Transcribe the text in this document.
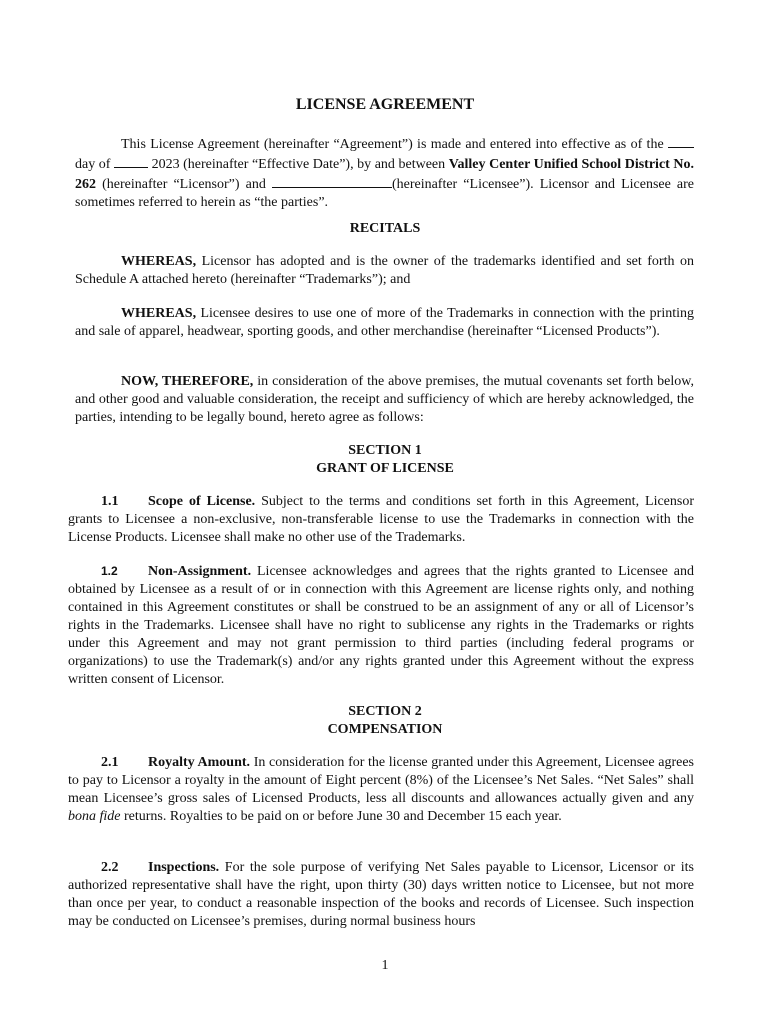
LICENSE AGREEMENT

This License Agreement (hereinafter “Agreement”) is made and entered into effective as of the  day of	2023 (hereinafter “Effective Date”), by and between Valley Center Unified School District No. 262 (hereinafter “Licensor”) and	(hereinafter “Licensee”). Licensor and Licensee are sometimes referred to herein as “the parties”.

RECITALS

WHEREAS, Licensor has adopted and is the owner of the trademarks identified and set forth on Schedule A attached hereto (hereinafter “Trademarks”); and

WHEREAS, Licensee desires to use one of more of the Trademarks in connection with the printing and sale of apparel, headwear, sporting goods, and other merchandise (hereinafter “Licensed Products”).

NOW, THEREFORE, in consideration of the above premises, the mutual covenants set forth below, and other good and valuable consideration, the receipt and sufficiency of which are hereby acknowledged, the parties, intending to be legally bound, hereto agree as follows:

SECTION 1
GRANT OF LICENSE

1.1 Scope of License. Subject to the terms and conditions set forth in this Agreement, Licensor grants to Licensee a non-exclusive, non-transferable license to use the Trademarks in connection with the License Products. Licensee shall make no other use of the Trademarks.

1.2 Non-Assignment. Licensee acknowledges and agrees that the rights granted to Licensee and obtained by Licensee as a result of or in connection with this Agreement are license rights only, and nothing contained in this Agreement constitutes or shall be construed to be an assignment of any or all of Licensor’s rights in the Trademarks. Licensee shall have no right to sublicense any rights in the Trademarks or rights under this Agreement and may not grant permission to third parties (including federal programs or organizations) to use the Trademark(s) and/or any rights granted under this Agreement without the express written consent of Licensor.

SECTION 2
COMPENSATION

2.1 Royalty Amount. In consideration for the license granted under this Agreement, Licensee agrees to pay to Licensor a royalty in the amount of Eight percent (8%) of the Licensee’s Net Sales. “Net Sales” shall mean Licensee’s gross sales of Licensed Products, less all discounts and allowances actually given and any bona fide returns. Royalties to be paid on or before June 30 and December 15 each year.

2.2 Inspections. For the sole purpose of verifying Net Sales payable to Licensor, Licensor or its authorized representative shall have the right, upon thirty (30) days written notice to Licensee, but not more than once per year, to conduct a reasonable inspection of the books and records of Licensee. Such inspection may be conducted on Licensee’s premises, during normal business hours

1
